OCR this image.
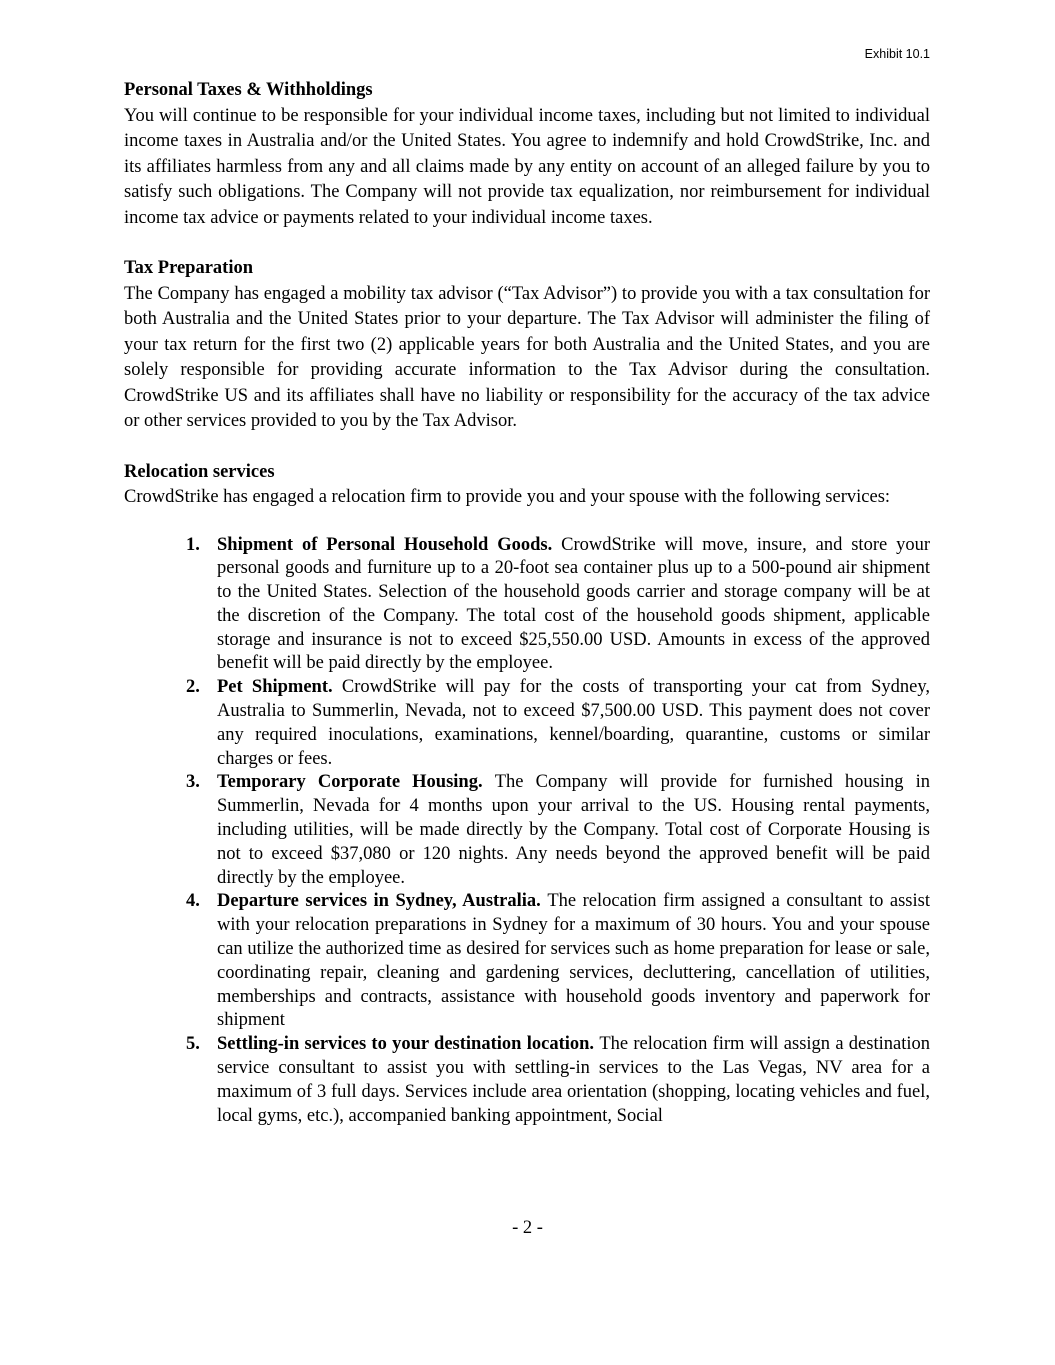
Exhibit 10.1

Personal Taxes & Withholdings

You will continue to be responsible for your individual income taxes, including but not limited to individual income taxes in Australia and/or the United States. You agree to indemnify and hold CrowdStrike, Inc. and its affiliates harmless from any and all claims made by any entity on account of an alleged failure by you to satisfy such obligations. The Company will not provide tax equalization, nor reimbursement for individual income tax advice or payments related to your individual income taxes.

Tax Preparation

The Company has engaged a mobility tax advisor (“Tax Advisor”) to provide you with a tax consultation for both Australia and the United States prior to your departure. The Tax Advisor will administer the filing of your tax return for the first two (2) applicable years for both Australia and the United States, and you are solely responsible for providing accurate information to the Tax Advisor during the consultation. CrowdStrike US and its affiliates shall have no liability or responsibility for the accuracy of the tax advice or other services provided to you by the Tax Advisor.

Relocation services

CrowdStrike has engaged a relocation firm to provide you and your spouse with the following services:

1. Shipment of Personal Household Goods. CrowdStrike will move, insure, and store your personal goods and furniture up to a 20-foot sea container plus up to a 500-pound air shipment to the United States. Selection of the household goods carrier and storage company will be at the discretion of the Company. The total cost of the household goods shipment, applicable storage and insurance is not to exceed $25,550.00 USD. Amounts in excess of the approved benefit will be paid directly by the employee.
2. Pet Shipment. CrowdStrike will pay for the costs of transporting your cat from Sydney, Australia to Summerlin, Nevada, not to exceed $7,500.00 USD. This payment does not cover any required inoculations, examinations, kennel/boarding, quarantine, customs or similar charges or fees.
3. Temporary Corporate Housing. The Company will provide for furnished housing in Summerlin, Nevada for 4 months upon your arrival to the US. Housing rental payments, including utilities, will be made directly by the Company. Total cost of Corporate Housing is not to exceed $37,080 or 120 nights. Any needs beyond the approved benefit will be paid directly by the employee.
4. Departure services in Sydney, Australia. The relocation firm assigned a consultant to assist with your relocation preparations in Sydney for a maximum of 30 hours. You and your spouse can utilize the authorized time as desired for services such as home preparation for lease or sale, coordinating repair, cleaning and gardening services, decluttering, cancellation of utilities, memberships and contracts, assistance with household goods inventory and paperwork for shipment
5. Settling-in services to your destination location. The relocation firm will assign a destination service consultant to assist you with settling-in services to the Las Vegas, NV area for a maximum of 3 full days. Services include area orientation (shopping, locating vehicles and fuel, local gyms, etc.), accompanied banking appointment, Social
- 2 -
